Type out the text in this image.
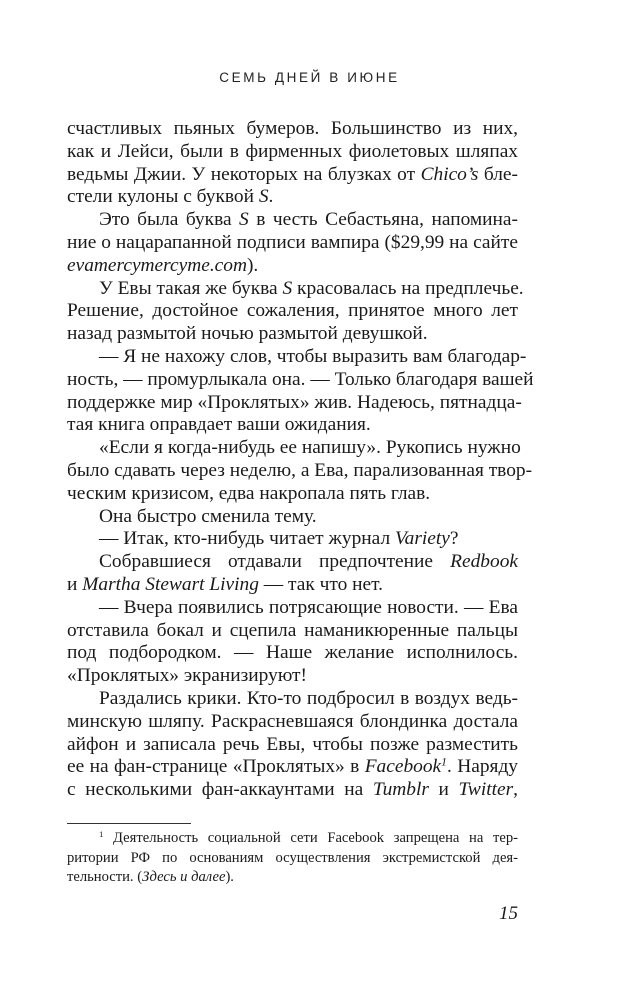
СЕМЬ ДНЕЙ В ИЮНЕ
счастливых пьяных бумеров. Большинство из них,
как и Лейси, были в фирменных фиолетовых шляпах
ведьмы Джии. У некоторых на блузках от Chico’s бле-
стели кулоны с буквой S.
Это была буква S в честь Себастьяна, напомина-
ние о нацарапанной подписи вампира ($29,99 на сайте
evamercymercyme.com).
У Евы такая же буква S красовалась на предплечье.
Решение, достойное сожаления, принятое много лет
назад размытой ночью размытой девушкой.
— Я не нахожу слов, чтобы выразить вам благодар-
ность, — промурлыкала она. — Только благодаря вашей
поддержке мир «Проклятых» жив. Надеюсь, пятнадца-
тая книга оправдает ваши ожидания.
«Если я когда-нибудь ее напишу». Рукопись нужно
было сдавать через неделю, а Ева, парализованная твор-
ческим кризисом, едва накропала пять глав.
Она быстро сменила тему.
— Итак, кто-нибудь читает журнал Variety?
Собравшиеся отдавали предпочтение Redbook
и Martha Stewart Living — так что нет.
— Вчера появились потрясающие новости. — Ева
отставила бокал и сцепила наманикюренные пальцы
под подбородком. — Наше желание исполнилось.
«Проклятых» экранизируют!
Раздались крики. Кто-то подбросил в воздух ведь-
минскую шляпу. Раскрасневшаяся блондинка достала
айфон и записала речь Евы, чтобы позже разместить
ее на фан-странице «Проклятых» в Facebook$^1$. Наряду
с несколькими фан-аккаунтами на Tumblr и Twitter,
$^1$ Деятельность социальной сети Facebook запрещена на тер-
ритории РФ по основаниям осуществления экстремистской дея-
тельности. (Здесь и далее).
15
